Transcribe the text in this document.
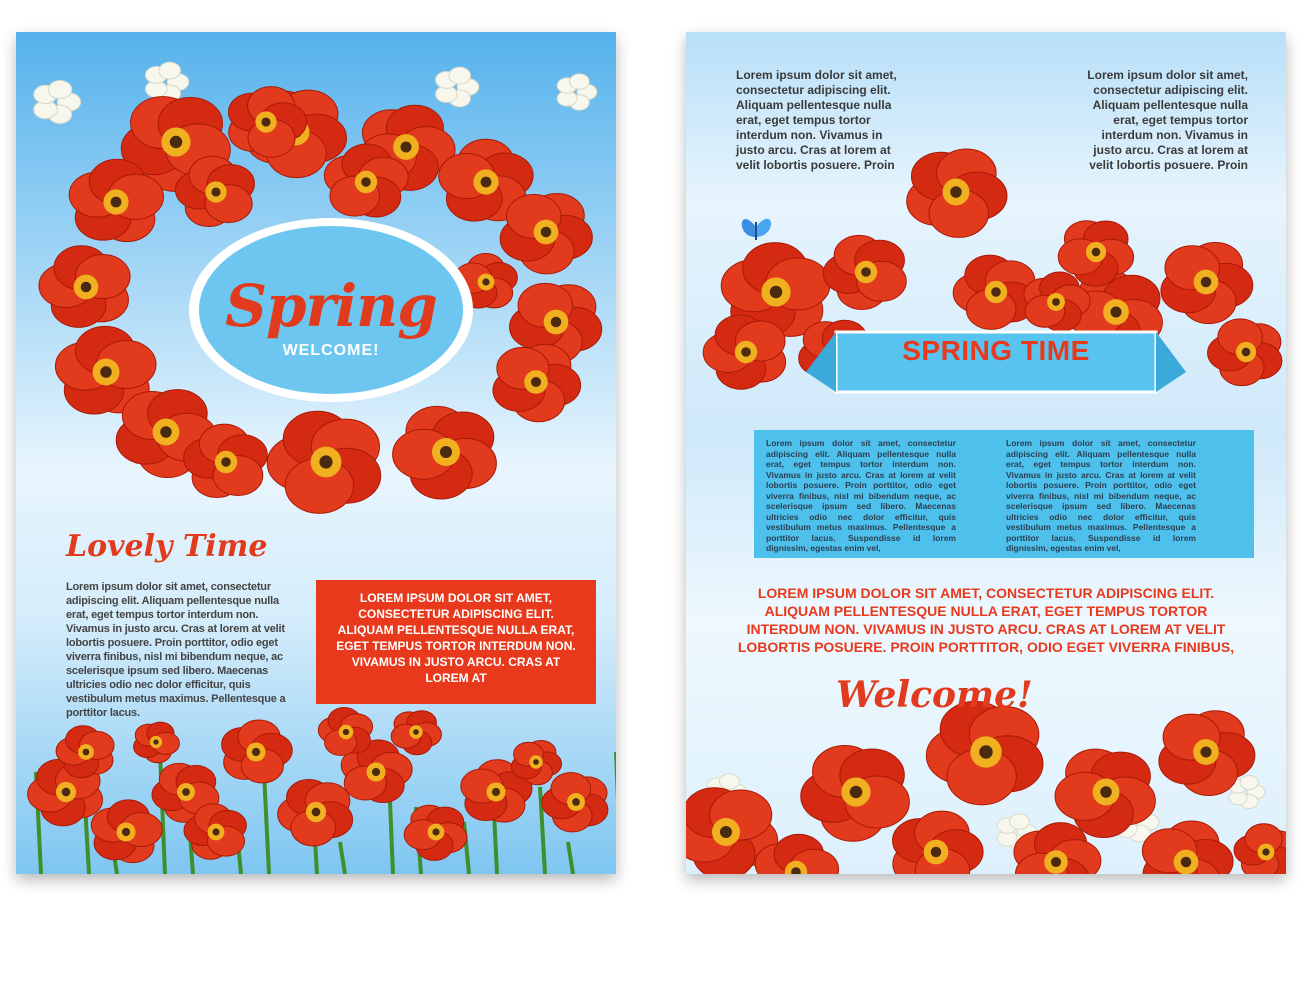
Spring
WELCOME!
Lovely Time
Lorem ipsum dolor sit amet, consectetur adipiscing elit. Aliquam pellentesque nulla erat, eget tempus tortor interdum non. Vivamus in justo arcu. Cras at lorem at velit lobortis posuere. Proin porttitor, odio eget viverra finibus, nisl mi bibendum neque, ac scelerisque ipsum sed libero. Maecenas ultricies odio nec dolor efficitur, quis vestibulum metus maximus. Pellentesque a porttitor lacus.
LOREM IPSUM DOLOR SIT AMET, CONSECTETUR ADIPISCING ELIT. ALIQUAM PELLENTESQUE NULLA ERAT, EGET TEMPUS TORTOR INTERDUM NON. VIVAMUS IN JUSTO ARCU. CRAS AT LOREM AT
Lorem ipsum dolor sit amet, consectetur adipiscing elit. Aliquam pellentesque nulla erat, eget tempus tortor interdum non. Vivamus in justo arcu. Cras at lorem at velit lobortis posuere. Proin
Lorem ipsum dolor sit amet, consectetur adipiscing elit. Aliquam pellentesque nulla erat, eget tempus tortor interdum non. Vivamus in justo arcu. Cras at lorem at velit lobortis posuere. Proin
SPRING TIME
Lorem ipsum dolor sit amet, consectetur adipiscing elit. Aliquam pellentesque nulla erat, eget tempus tortor interdum non. Vivamus in justo arcu. Cras at lorem at velit lobortis posuere. Proin porttitor, odio eget viverra finibus, nisl mi bibendum neque, ac scelerisque ipsum sed libero. Maecenas ultricies odio nec dolor efficitur, quis vestibulum metus maximus. Pellentesque a porttitor lacus. Suspendisse id lorem dignissim, egestas enim vel,
Lorem ipsum dolor sit amet, consectetur adipiscing elit. Aliquam pellentesque nulla erat, eget tempus tortor interdum non. Vivamus in justo arcu. Cras at lorem at velit lobortis posuere. Proin porttitor, odio eget viverra finibus, nisl mi bibendum neque, ac scelerisque ipsum sed libero. Maecenas ultricies odio nec dolor efficitur, quis vestibulum metus maximus. Pellentesque a porttitor lacus. Suspendisse id lorem dignissim, egestas enim vel,
LOREM IPSUM DOLOR SIT AMET, CONSECTETUR ADIPISCING ELIT. ALIQUAM PELLENTESQUE NULLA ERAT, EGET TEMPUS TORTOR INTERDUM NON. VIVAMUS IN JUSTO ARCU. CRAS AT LOREM AT VELIT LOBORTIS POSUERE. PROIN PORTTITOR, ODIO EGET VIVERRA FINIBUS,
Welcome!
